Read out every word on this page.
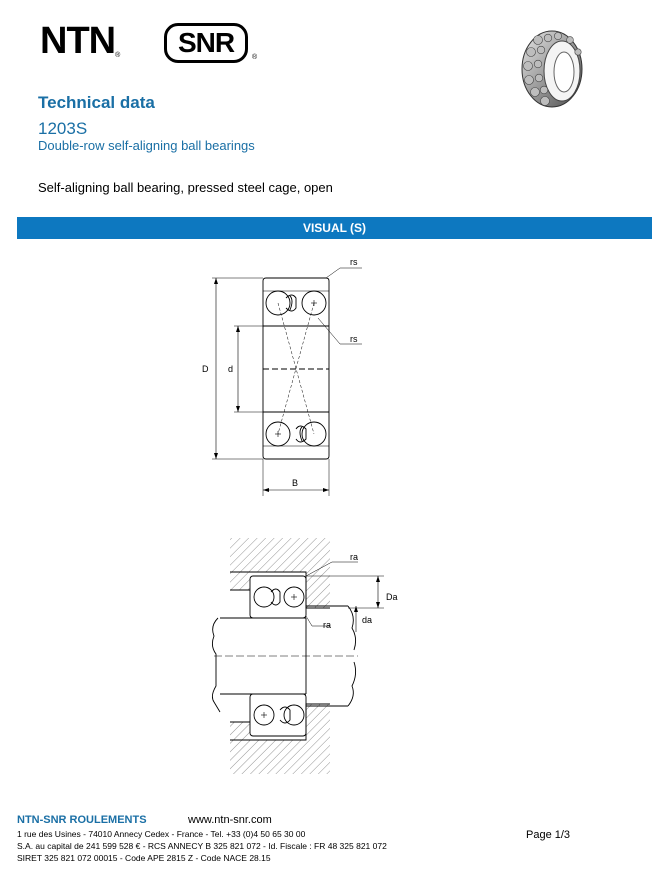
NTN® SNR	®
Technical data
1203S
Double-row self-aligning ball bearings
Self-aligning ball bearing, pressed steel cage, open
VISUAL (S)
rs
rs
D d
B
ra
ra
Da
da
NTN-SNR ROULEMENTS	www.ntn-snr.com
1 rue des Usines - 74010 Annecy Cedex - France - Tel. +33 (0)4 50 65 30 00
S.A. au capital de 241 599 528 € - RCS ANNECY B 325 821 072 - Id. Fiscale : FR 48 325 821 072
SIRET 325 821 072 00015 - Code APE 2815 Z - Code NACE 28.15
Page 1/3
